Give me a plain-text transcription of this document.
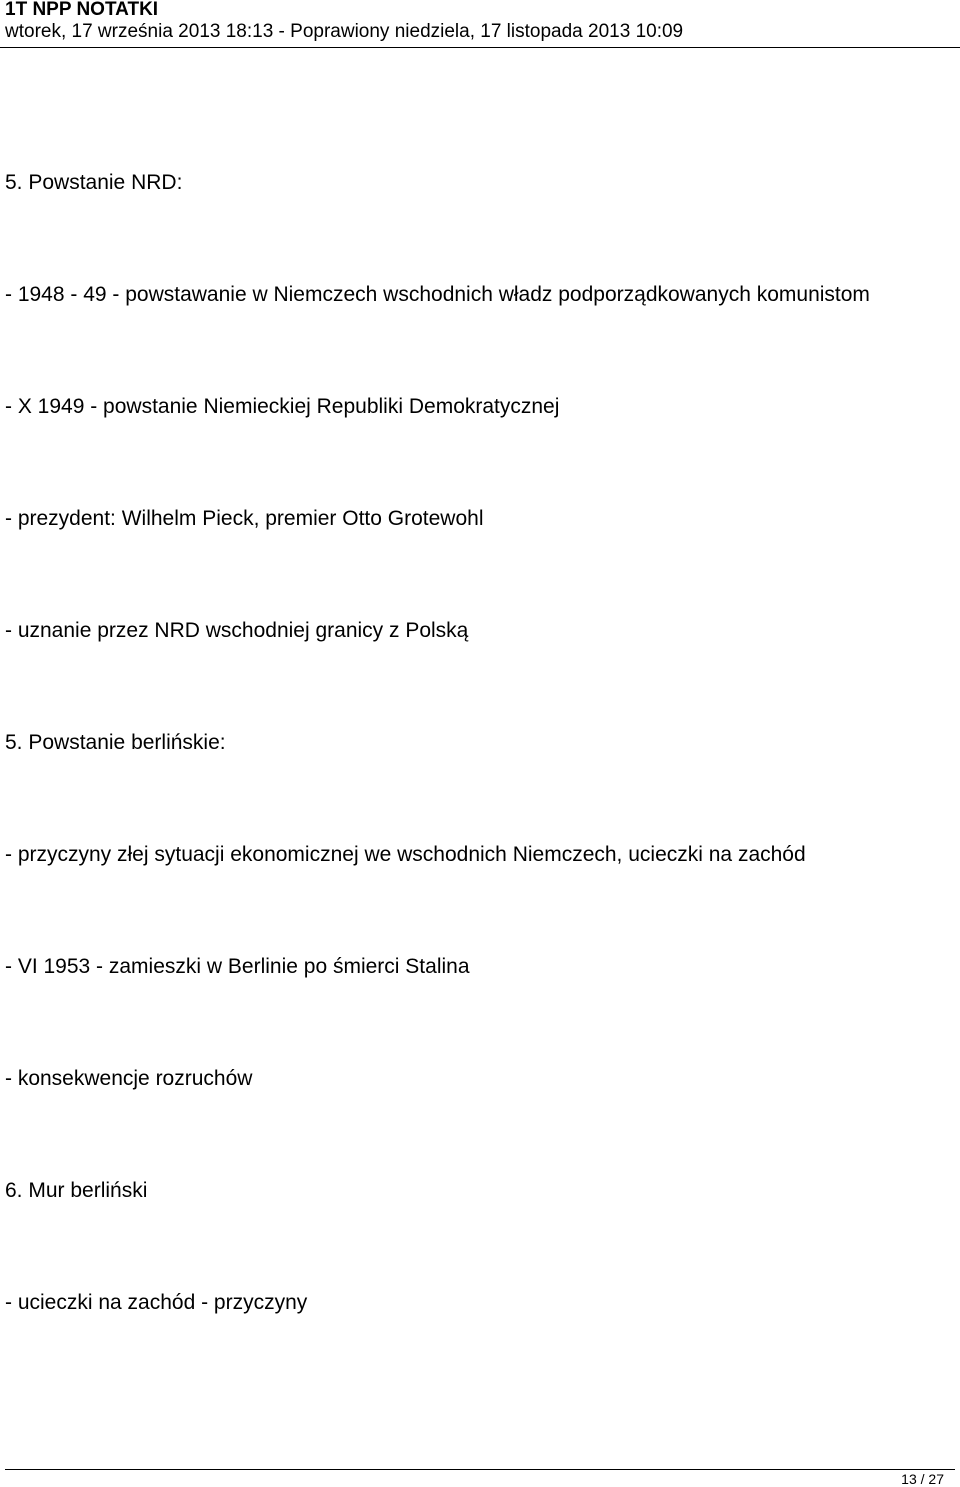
1T NPP NOTATKI
wtorek, 17 września 2013 18:13 - Poprawiony niedziela, 17 listopada 2013 10:09
5. Powstanie NRD:
- 1948 - 49 - powstawanie w Niemczech wschodnich władz podporządkowanych komunistom
- X 1949 - powstanie Niemieckiej Republiki Demokratycznej
- prezydent: Wilhelm Pieck, premier Otto Grotewohl
- uznanie przez NRD wschodniej granicy z Polską
5. Powstanie berlińskie:
- przyczyny złej sytuacji ekonomicznej we wschodnich Niemczech, ucieczki na zachód
- VI 1953 - zamieszki w Berlinie po śmierci Stalina
- konsekwencje rozruchów
6. Mur berliński
- ucieczki na zachód - przyczyny
13 / 27
